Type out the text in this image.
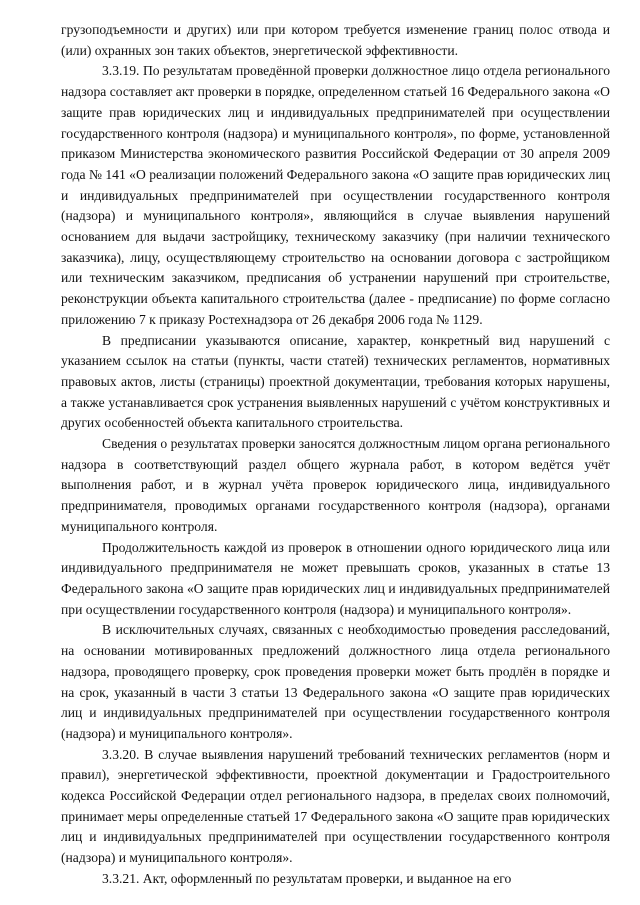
грузоподъемности и других) или при котором требуется изменение границ полос отвода и (или) охранных зон таких объектов, энергетической эффективности.

3.3.19. По результатам проведённой проверки должностное лицо отдела регионального надзора составляет акт проверки в порядке, определенном статьей 16 Федерального закона «О защите прав юридических лиц и индивидуальных предпринимателей при осуществлении государственного контроля (надзора) и муниципального контроля», по форме, установленной приказом Министерства экономического развития Российской Федерации от 30 апреля 2009 года № 141 «О реализации положений Федерального закона «О защите прав юридических лиц и индивидуальных предпринимателей при осуществлении государственного контроля (надзора) и муниципального контроля», являющийся в случае выявления нарушений основанием для выдачи застройщику, техническому заказчику (при наличии технического заказчика), лицу, осуществляющему строительство на основании договора с застройщиком или техническим заказчиком, предписания об устранении нарушений при строительстве, реконструкции объекта капитального строительства (далее - предписание) по форме согласно приложению 7 к приказу Ростехнадзора от 26 декабря 2006 года № 1129.

В предписании указываются описание, характер, конкретный вид нарушений с указанием ссылок на статьи (пункты, части статей) технических регламентов, нормативных правовых актов, листы (страницы) проектной документации, требования которых нарушены, а также устанавливается срок устранения выявленных нарушений с учётом конструктивных и других особенностей объекта капитального строительства.

Сведения о результатах проверки заносятся должностным лицом органа регионального надзора в соответствующий раздел общего журнала работ, в котором ведётся учёт выполнения работ, и в журнал учёта проверок юридического лица, индивидуального предпринимателя, проводимых органами государственного контроля (надзора), органами муниципального контроля.

Продолжительность каждой из проверок в отношении одного юридического лица или индивидуального предпринимателя не может превышать сроков, указанных в статье 13 Федерального закона «О защите прав юридических лиц и индивидуальных предпринимателей при осуществлении государственного контроля (надзора) и муниципального контроля».

В исключительных случаях, связанных с необходимостью проведения расследований, на основании мотивированных предложений должностного лица отдела регионального надзора, проводящего проверку, срок проведения проверки может быть продлён в порядке и на срок, указанный в части 3 статьи 13 Федерального закона «О защите прав юридических лиц и индивидуальных предпринимателей при осуществлении государственного контроля (надзора) и муниципального контроля».

3.3.20. В случае выявления нарушений требований технических регламентов (норм и правил), энергетической эффективности, проектной документации и Градостроительного кодекса Российской Федерации отдел регионального надзора, в пределах своих полномочий, принимает меры определенные статьей 17 Федерального закона «О защите прав юридических лиц и индивидуальных предпринимателей при осуществлении государственного контроля (надзора) и муниципального контроля».

3.3.21. Акт, оформленный по результатам проверки, и выданное на его
